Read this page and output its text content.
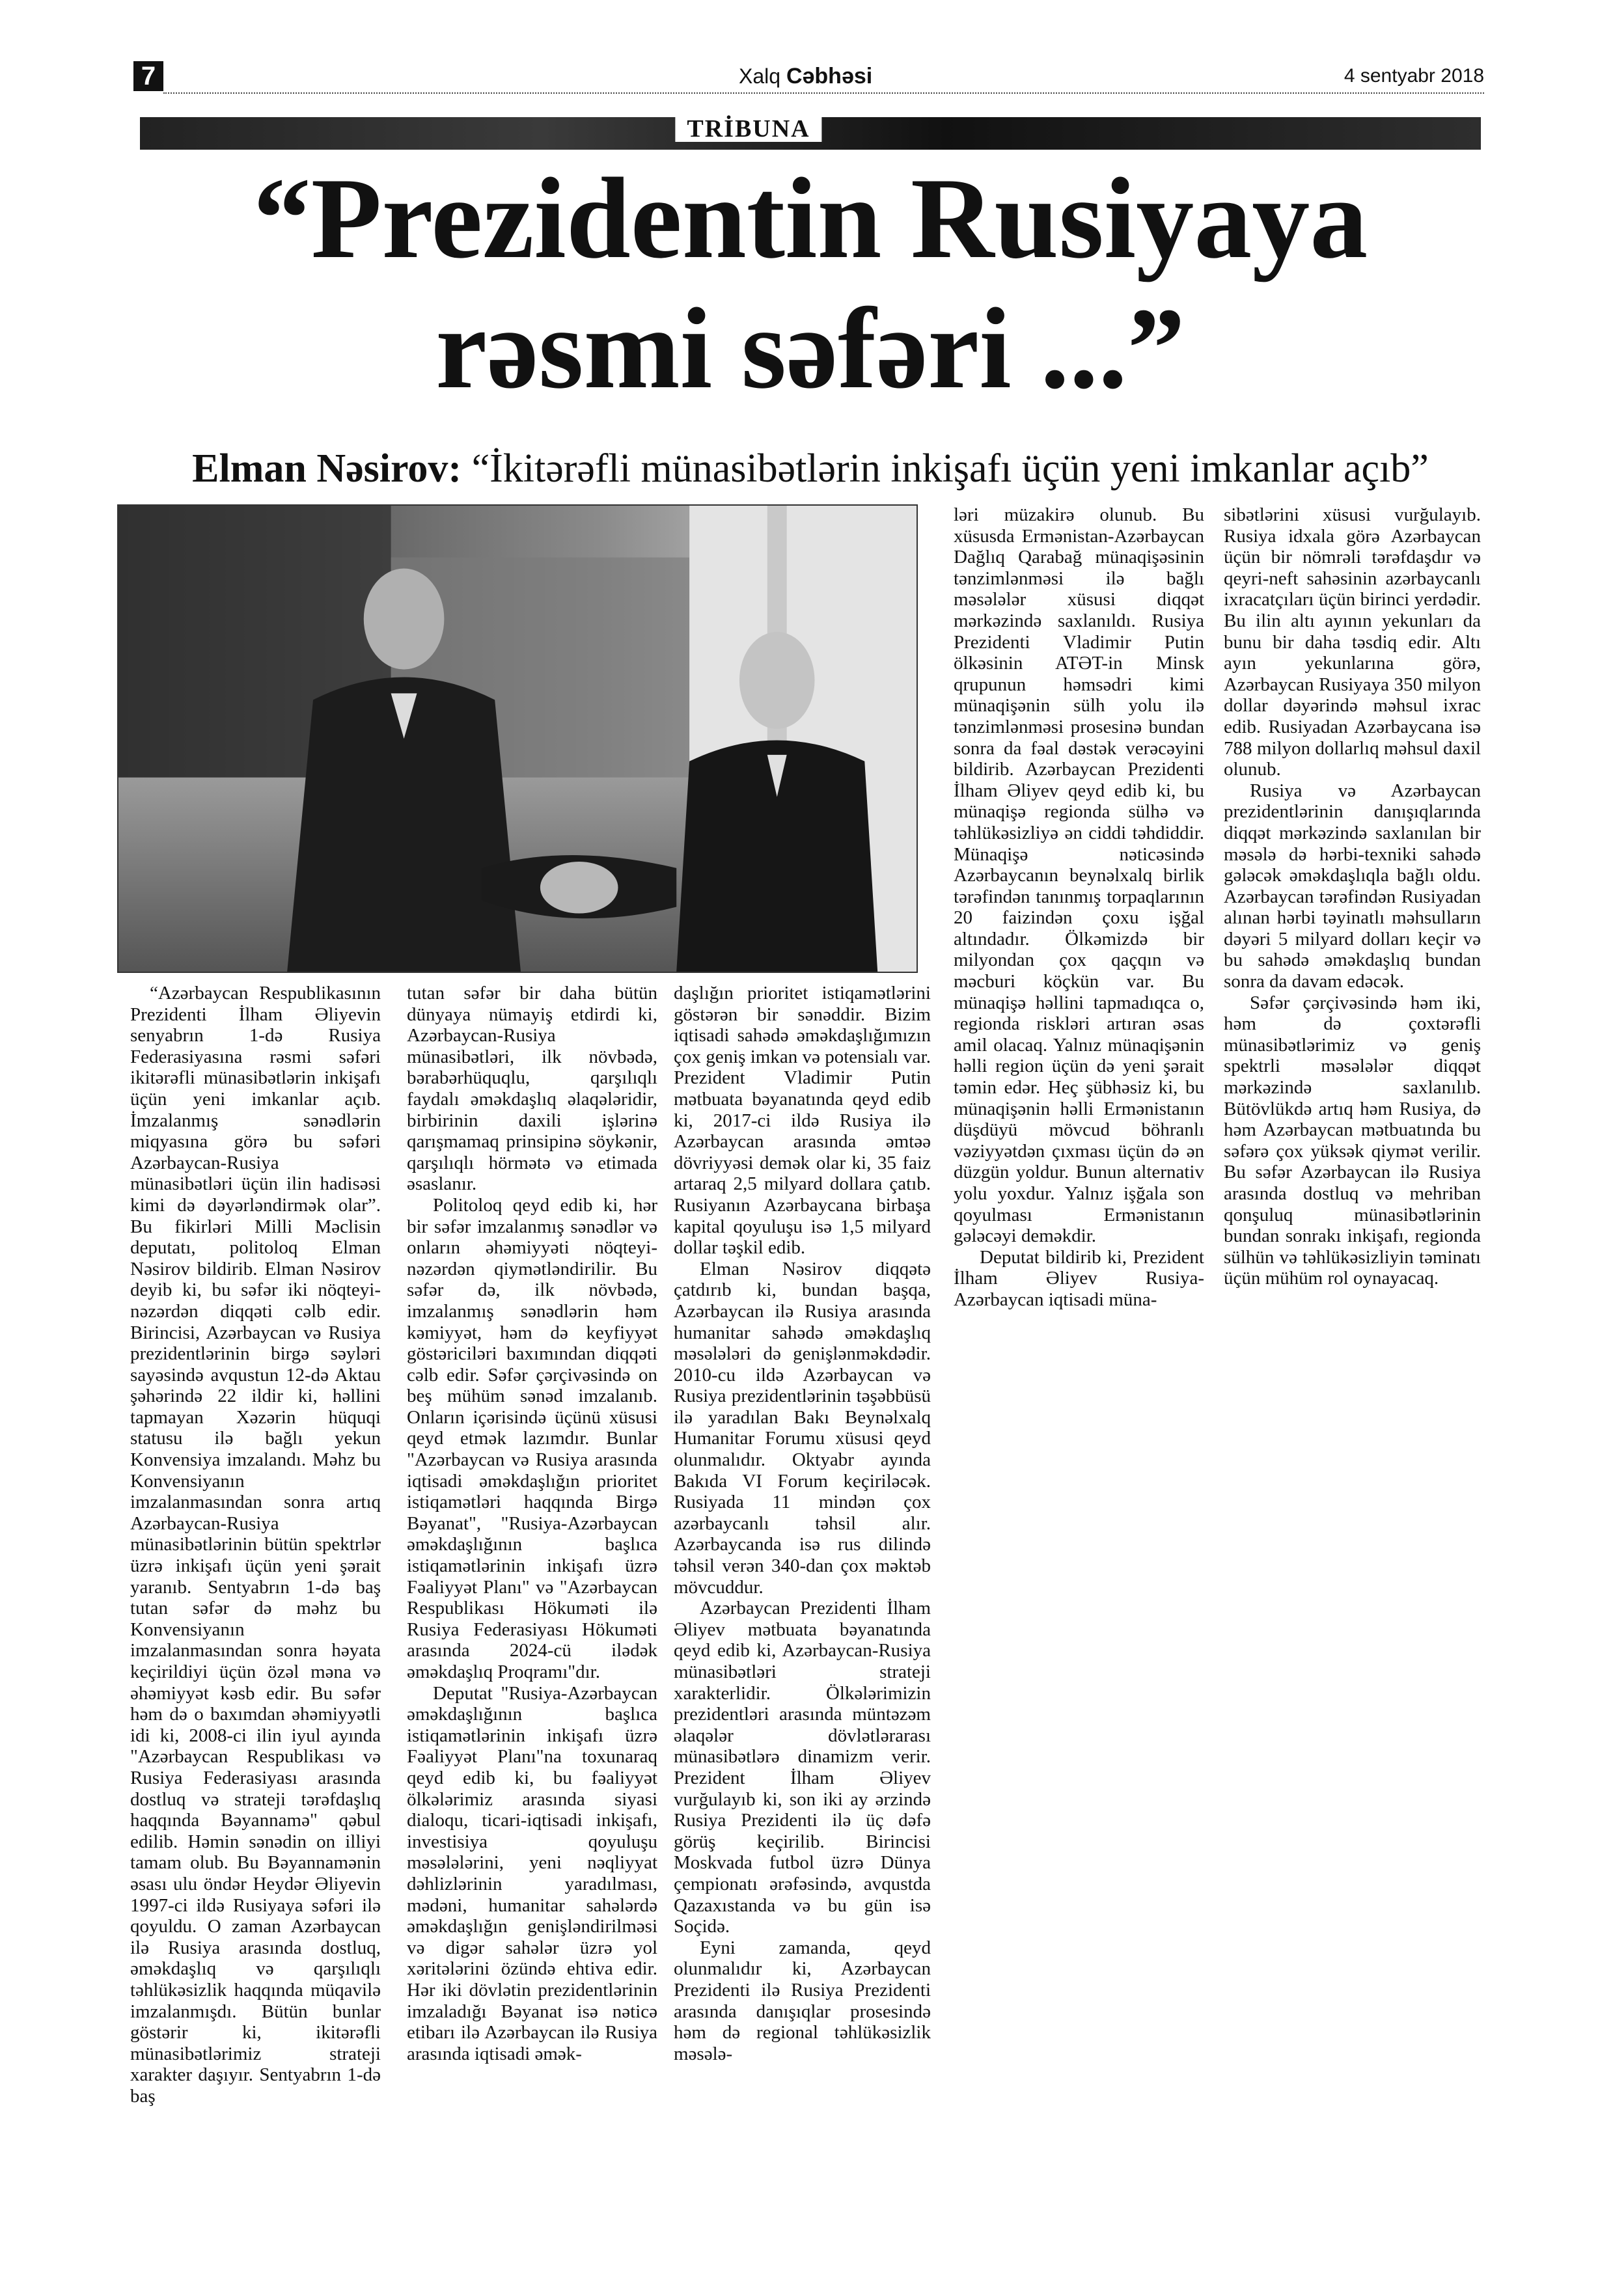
7	Xalq Cəbhəsi	4 sentyabr 2018
TRİBUNA
“Prezidentin Rusiyaya
rəsmi səfəri ...”
Elman Nəsirov: “İkitərəfli münasibətlərin inkişafı üçün yeni imkanlar açıb”

“Azərbaycan Respublikasının Prezidenti İlham Əliyevin senyabrın 1-də Rusiya Federasiyasına rəsmi səfəri ikitərəfli münasibətlərin inkişafı üçün yeni imkanlar açıb. İmzalanmış sənədlərin miqyasına görə bu səfəri Azərbaycan-Rusiya münasibətləri üçün ilin hadisəsi kimi də dəyərləndirmək olar”. Bu fikirləri Milli Məclisin deputatı, politoloq Elman Nəsirov bildirib. Elman Nəsirov deyib ki, bu səfər iki nöqteyi-nəzərdən diqqəti cəlb edir. Birincisi, Azərbaycan və Rusiya prezidentlərinin birgə səyləri sayəsində avqustun 12-də Aktau şəhərində 22 ildir ki, həllini tapmayan Xəzərin hüquqi statusu ilə bağlı yekun Konvensiya imzalandı. Məhz bu Konvensiyanın imzalanmasından sonra artıq Azərbaycan-Rusiya münasibətlərinin bütün spektrlər üzrə inkişafı üçün yeni şərait yaranıb. Sentyabrın 1-də baş tutan səfər də məhz bu Konvensiyanın imzalanmasından sonra həyata keçirildiyi üçün özəl məna və əhəmiyyət kəsb edir. Bu səfər həm də o baxımdan əhəmiyyətli idi ki, 2008-ci ilin iyul ayında "Azərbaycan Respublikası və Rusiya Federasiyası arasında dostluq və strateji tərəfdaşlıq haqqında Bəyannamə" qəbul edilib. Həmin sənədin on illiyi tamam olub. Bu Bəyannamənin əsası ulu öndər Heydər Əliyevin 1997-ci ildə Rusiyaya səfəri ilə qoyuldu. O zaman Azərbaycan ilə Rusiya arasında dostluq, əməkdaşlıq və qarşılıqlı təhlükəsizlik haqqında müqavilə imzalanmışdı. Bütün bunlar göstərir ki, ikitərəfli münasibətlərimiz strateji xarakter daşıyır. Sentyabrın 1-də baş

tutan səfər bir daha bütün dünyaya nümayiş etdirdi ki, Azərbaycan-Rusiya münasibətləri, ilk növbədə, bərabərhüquqlu, qarşılıqlı faydalı əməkdaşlıq əlaqələridir, birbirinin daxili işlərinə qarışmamaq prinsipinə söykənir, qarşılıqlı hörmətə və etimada əsaslanır.

Politoloq qeyd edib ki, hər bir səfər imzalanmış sənədlər və onların əhəmiyyəti nöqteyi-nəzərdən qiymətləndirilir. Bu səfər də, ilk növbədə, imzalanmış sənədlərin həm kəmiyyət, həm də keyfiyyət göstəriciləri baxımından diqqəti cəlb edir. Səfər çərçivəsində on beş mühüm sənəd imzalanıb. Onların içərisində üçünü xüsusi qeyd etmək lazımdır. Bunlar "Azərbaycan və Rusiya arasında iqtisadi əməkdaşlığın prioritet istiqamətləri haqqında Birgə Bəyanat", "Rusiya-Azərbaycan əməkdaşlığının başlıca istiqamətlərinin inkişafı üzrə Fəaliyyət Planı" və "Azərbaycan Respublikası Hökuməti ilə Rusiya Federasiyası Hökuməti arasında 2024-cü ilədək əməkdaşlıq Proqramı"dır.

Deputat "Rusiya-Azərbaycan əməkdaşlığının başlıca istiqamətlərinin inkişafı üzrə Fəaliyyət Planı"na toxunaraq qeyd edib ki, bu fəaliyyət ölkələrimiz arasında siyasi dialoqu, ticari-iqtisadi inkişafı, investisiya qoyuluşu məsələlərini, yeni nəqliyyat dəhlizlərinin yaradılması, mədəni, humanitar sahələrdə əməkdaşlığın genişləndirilməsi və digər sahələr üzrə yol xəritələrini özündə ehtiva edir. Hər iki dövlətin prezidentlərinin imzaladığı Bəyanat isə nəticə etibarı ilə Azərbaycan ilə Rusiya arasında iqtisadi əmək-

daşlığın prioritet istiqamətlərini göstərən bir sənəddir. Bizim iqtisadi sahədə əməkdaşlığımızın çox geniş imkan və potensialı var. Prezident Vladimir Putin mətbuata bəyanatında qeyd edib ki, 2017-ci ildə Rusiya ilə Azərbaycan arasında əmtəə dövriyyəsi demək olar ki, 35 faiz artaraq 2,5 milyard dollara çatıb. Rusiyanın Azərbaycana birbaşa kapital qoyuluşu isə 1,5 milyard dollar təşkil edib.

Elman Nəsirov diqqətə çatdırıb ki, bundan başqa, Azərbaycan ilə Rusiya arasında humanitar sahədə əməkdaşlıq məsələləri də genişlənməkdədir. 2010-cu ildə Azərbaycan və Rusiya prezidentlərinin təşəbbüsü ilə yaradılan Bakı Beynəlxalq Humanitar Forumu xüsusi qeyd olunmalıdır. Oktyabr ayında Bakıda VI Forum keçiriləcək. Rusiyada 11 mindən çox azərbaycanlı təhsil alır. Azərbaycanda isə rus dilində təhsil verən 340-dan çox məktəb mövcuddur.

Azərbaycan Prezidenti İlham Əliyev mətbuata bəyanatında qeyd edib ki, Azərbaycan-Rusiya münasibətləri strateji xarakterlidir. Ölkələrimizin prezidentləri arasında müntəzəm əlaqələr dövlətlərarası münasibətlərə dinamizm verir. Prezident İlham Əliyev vurğulayıb ki, son iki ay ərzində Rusiya Prezidenti ilə üç dəfə görüş keçirilib. Birincisi Moskvada futbol üzrə Dünya çempionatı ərəfəsində, avqustda Qazaxıstanda və bu gün isə Soçidə.

Eyni zamanda, qeyd olunmalıdır ki, Azərbaycan Prezidenti ilə Rusiya Prezidenti arasında danışıqlar prosesində həm də regional təhlükəsizlik məsələ-

ləri müzakirə olunub. Bu xüsusda Ermənistan-Azərbaycan Dağlıq Qarabağ münaqişəsinin tənzimlənməsi ilə bağlı məsələlər xüsusi diqqət mərkəzində saxlanıldı. Rusiya Prezidenti Vladimir Putin ölkəsinin ATƏT-in Minsk qrupunun həmsədri kimi münaqişənin sülh yolu ilə tənzimlənməsi prosesinə bundan sonra da fəal dəstək verəcəyini bildirib. Azərbaycan Prezidenti İlham Əliyev qeyd edib ki, bu münaqişə regionda sülhə və təhlükəsizliyə ən ciddi təhdiddir. Münaqişə nəticəsində Azərbaycanın beynəlxalq birlik tərəfindən tanınmış torpaqlarının 20 faizindən çoxu işğal altındadır. Ölkəmizdə bir milyondan çox qaçqın və məcburi köçkün var. Bu münaqişə həllini tapmadıqca o, regionda riskləri artıran əsas amil olacaq. Yalnız münaqişənin həlli region üçün də yeni şərait təmin edər. Heç şübhəsiz ki, bu münaqişənin həlli Ermənistanın düşdüyü mövcud böhranlı vəziyyətdən çıxması üçün də ən düzgün yoldur. Bunun alternativ yolu yoxdur. Yalnız işğala son qoyulması Ermənistanın gələcəyi deməkdir.

Deputat bildirib ki, Prezident İlham Əliyev Rusiya-Azərbaycan iqtisadi müna-

sibətlərini xüsusi vurğulayıb. Rusiya idxala görə Azərbaycan üçün bir nömrəli tərəfdaşdır və qeyri-neft sahəsinin azərbaycanlı ixracatçıları üçün birinci yerdədir. Bu ilin altı ayının yekunları da bunu bir daha təsdiq edir. Altı ayın yekunlarına görə, Azərbaycan Rusiyaya 350 milyon dollar dəyərində məhsul ixrac edib. Rusiyadan Azərbaycana isə 788 milyon dollarlıq məhsul daxil olunub.

Rusiya və Azərbaycan prezidentlərinin danışıqlarında diqqət mərkəzində saxlanılan bir məsələ də hərbi-texniki sahədə gələcək əməkdaşlıqla bağlı oldu. Azərbaycan tərəfindən Rusiyadan alınan hərbi təyinatlı məhsulların dəyəri 5 milyard dolları keçir və bu sahədə əməkdaşlıq bundan sonra da davam edəcək.

Səfər çərçivəsində həm iki, həm də çoxtərəfli münasibətlərimiz və geniş spektrli məsələlər diqqət mərkəzində saxlanılıb. Bütövlükdə artıq həm Rusiya, də həm Azərbaycan mətbuatında bu səfərə çox yüksək qiymət verilir. Bu səfər Azərbaycan ilə Rusiya arasında dostluq və mehriban qonşuluq münasibətlərinin bundan sonrakı inkişafı, regionda sülhün və təhlükəsizliyin təminatı üçün mühüm rol oynayacaq.
